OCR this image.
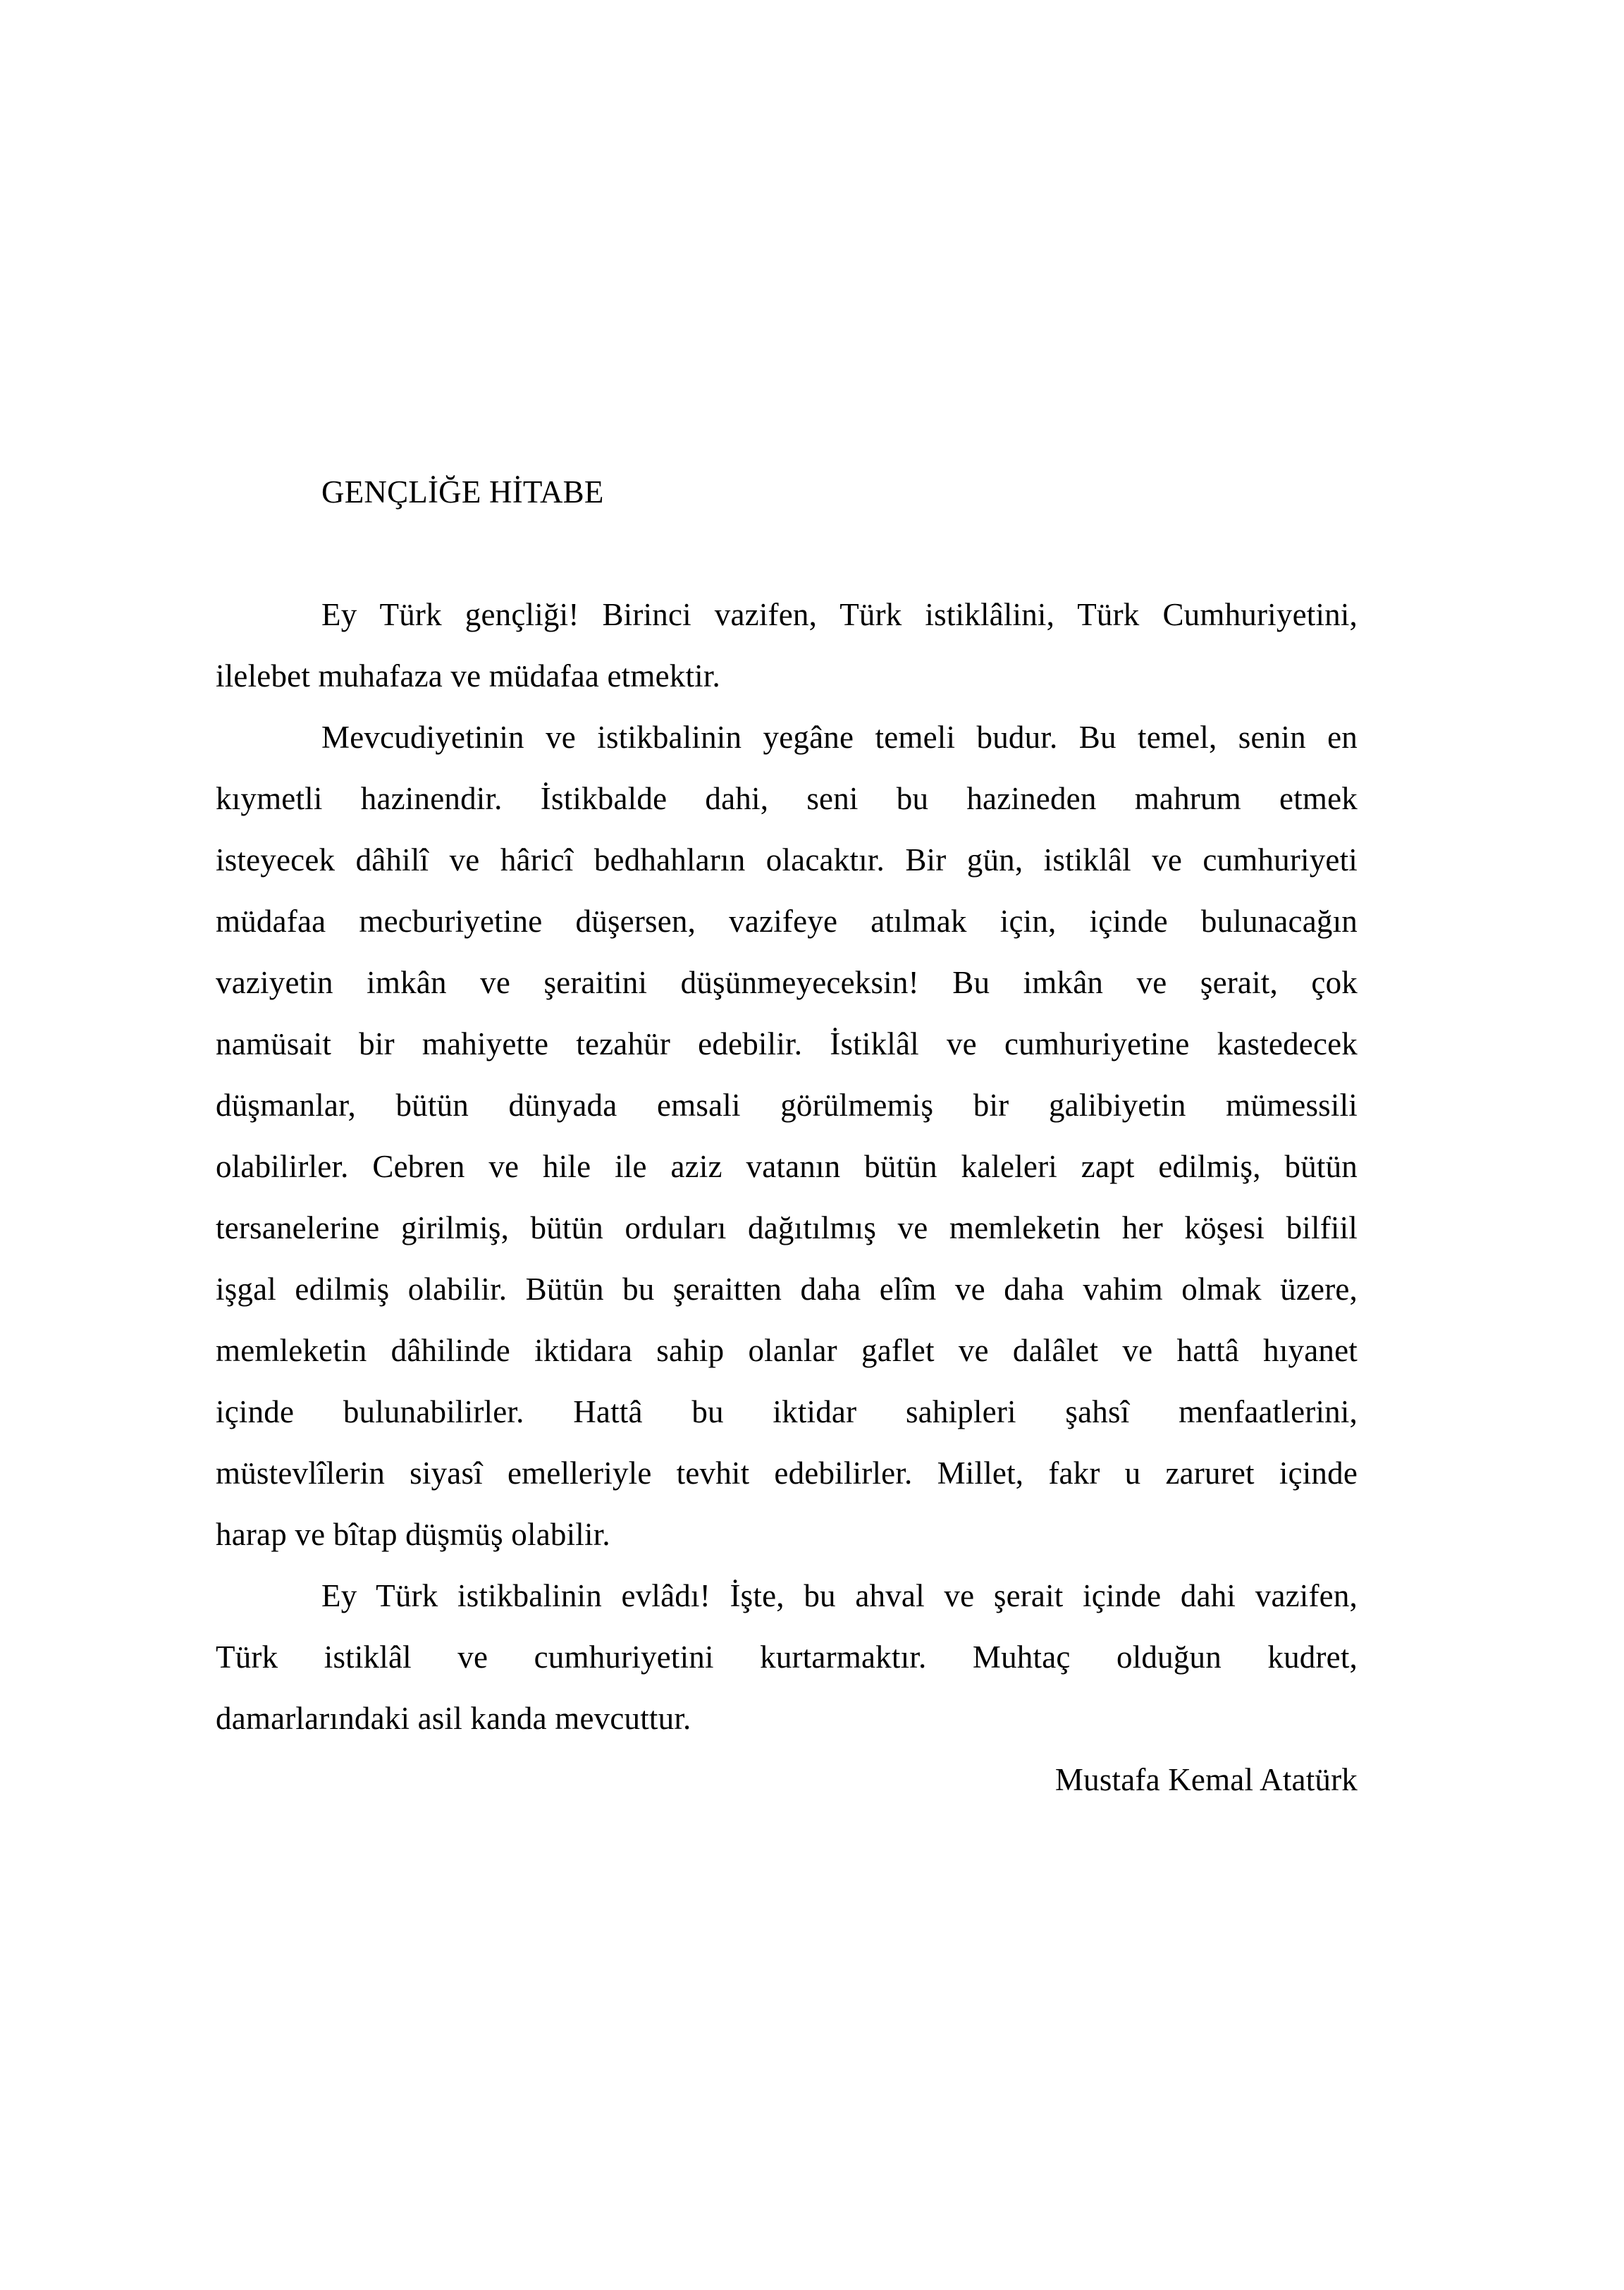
GENÇLİĞE HİTABE
Ey Türk gençliği! Birinci vazifen, Türk istiklâlini, Türk Cumhuriyetini,
ilelebet muhafaza ve müdafaa etmektir.
Mevcudiyetinin ve istikbalinin yegâne temeli budur. Bu temel, senin en
kıymetli hazinendir. İstikbalde dahi, seni bu hazineden mahrum etmek
isteyecek dâhilî ve hâricî bedhahların olacaktır. Bir gün, istiklâl ve cumhuriyeti
müdafaa mecburiyetine düşersen, vazifeye atılmak için, içinde bulunacağın
vaziyetin imkân ve şeraitini düşünmeyeceksin! Bu imkân ve şerait, çok
namüsait bir mahiyette tezahür edebilir. İstiklâl ve cumhuriyetine kastedecek
düşmanlar, bütün dünyada emsali görülmemiş bir galibiyetin mümessili
olabilirler. Cebren ve hile ile aziz vatanın bütün kaleleri zapt edilmiş, bütün
tersanelerine girilmiş, bütün orduları dağıtılmış ve memleketin her köşesi bilfiil
işgal edilmiş olabilir. Bütün bu şeraitten daha elîm ve daha vahim olmak üzere,
memleketin dâhilinde iktidara sahip olanlar gaflet ve dalâlet ve hattâ hıyanet
içinde bulunabilirler. Hattâ bu iktidar sahipleri şahsî menfaatlerini,
müstevlîlerin siyasî emelleriyle tevhit edebilirler. Millet, fakr u zaruret içinde
harap ve bîtap düşmüş olabilir.
Ey Türk istikbalinin evlâdı! İşte, bu ahval ve şerait içinde dahi vazifen,
Türk istiklâl ve cumhuriyetini kurtarmaktır. Muhtaç olduğun kudret,
damarlarındaki asil kanda mevcuttur.
Mustafa Kemal Atatürk
